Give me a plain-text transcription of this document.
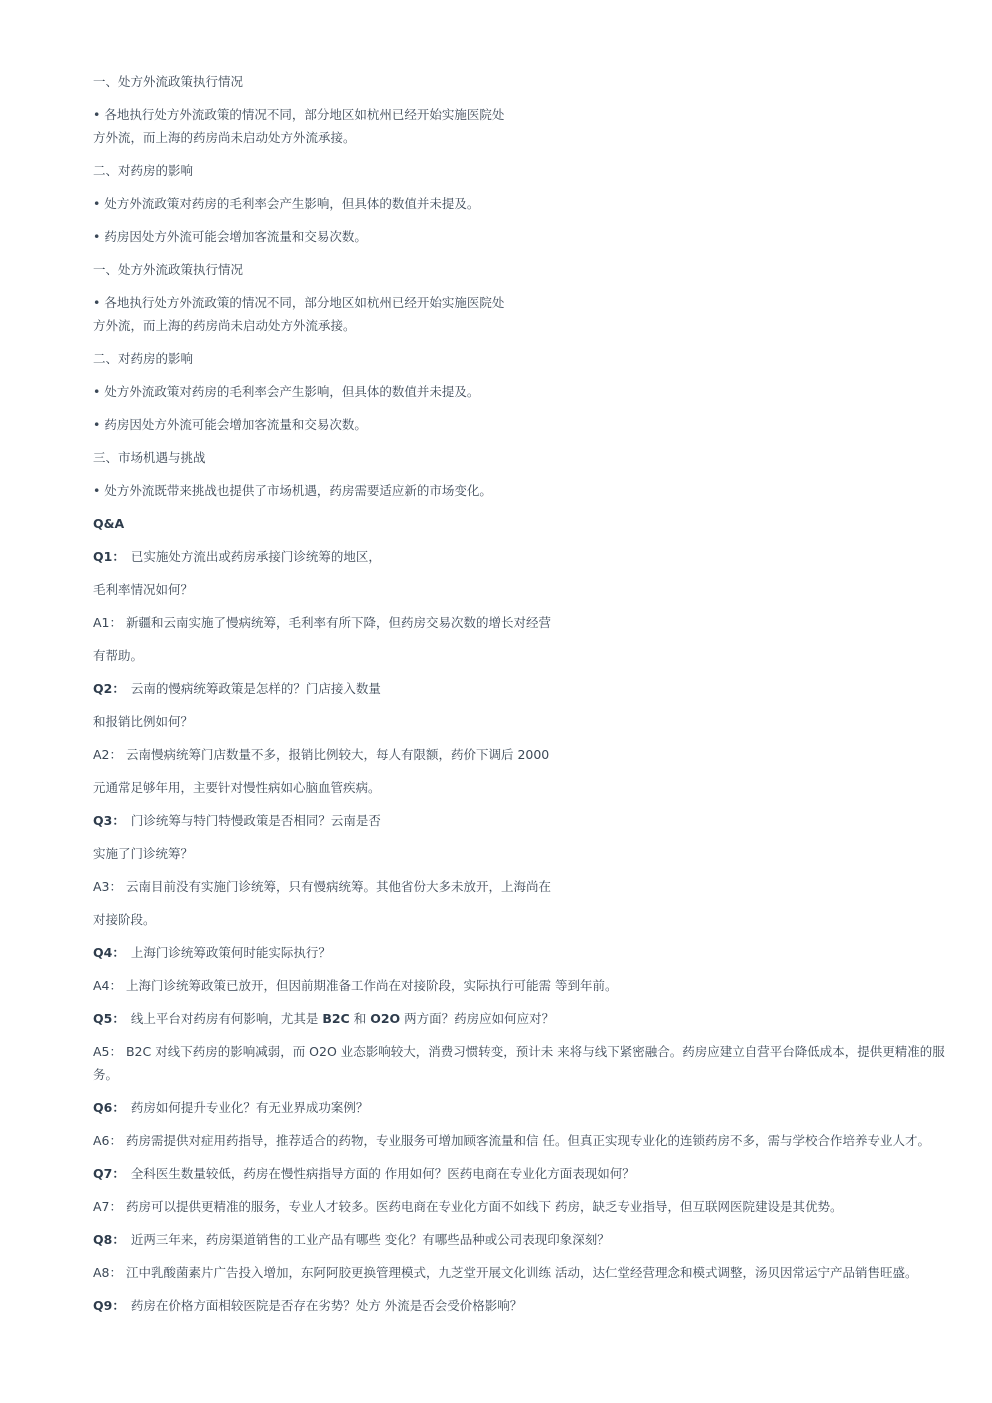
一、处方外流政策执行情况

• 各地执行处方外流政策的情况不同，部分地区如杭州已经开始实施医院处

方外流，而上海的药房尚未启动处方外流承接。

二、对药房的影响

• 处方外流政策对药房的毛利率会产生影响，但具体的数值并未提及。

• 药房因处方外流可能会增加客流量和交易次数。

一、处方外流政策执行情况

• 各地执行处方外流政策的情况不同，部分地区如杭州已经开始实施医院处

方外流，而上海的药房尚未启动处方外流承接。

二、对药房的影响

• 处方外流政策对药房的毛利率会产生影响，但具体的数值并未提及。

• 药房因处方外流可能会增加客流量和交易次数。

三、市场机遇与挑战

• 处方外流既带来挑战也提供了市场机遇，药房需要适应新的市场变化。

Q&A

Q1： 已实施处方流出或药房承接门诊统筹的地区，

毛利率情况如何？

A1： 新疆和云南实施了慢病统筹，毛利率有所下降，但药房交易次数的增长对经营

有帮助。

Q2： 云南的慢病统筹政策是怎样的？门店接入数量

和报销比例如何？

A2： 云南慢病统筹门店数量不多，报销比例较大，每人有限额，药价下调后 2000

元通常足够年用，主要针对慢性病如心脑血管疾病。

Q3： 门诊统筹与特门特慢政策是否相同？云南是否

实施了门诊统筹？

A3： 云南目前没有实施门诊统筹，只有慢病统筹。其他省份大多未放开，上海尚在

对接阶段。

Q4： 上海门诊统筹政策何时能实际执行？

A4： 上海门诊统筹政策已放开，但因前期准备工作尚在对接阶段，实际执行可能需 等到年前。

Q5： 线上平台对药房有何影响，尤其是 B2C 和 O2O 两方面？药房应如何应对？

A5： B2C 对线下药房的影响减弱，而 O2O 业态影响较大，消费习惯转变，预计未 来将与线下紧密融合。药房应建立自营平台降低成本，提供更精准的服务。

Q6： 药房如何提升专业化？有无业界成功案例？

A6： 药房需提供对症用药指导，推荐适合的药物，专业服务可增加顾客流量和信 任。但真正实现专业化的连锁药房不多，需与学校合作培养专业人才。

Q7： 全科医生数量较低，药房在慢性病指导方面的 作用如何？医药电商在专业化方面表现如何？

A7： 药房可以提供更精准的服务，专业人才较多。医药电商在专业化方面不如线下 药房，缺乏专业指导，但互联网医院建设是其优势。

Q8： 近两三年来，药房渠道销售的工业产品有哪些 变化？有哪些品种或公司表现印象深刻？

A8： 江中乳酸菌素片广告投入增加，东阿阿胶更换管理模式，九芝堂开展文化训练 活动，达仁堂经营理念和模式调整，汤贝因常运宁产品销售旺盛。

Q9： 药房在价格方面相较医院是否存在劣势？处方 外流是否会受价格影响？
